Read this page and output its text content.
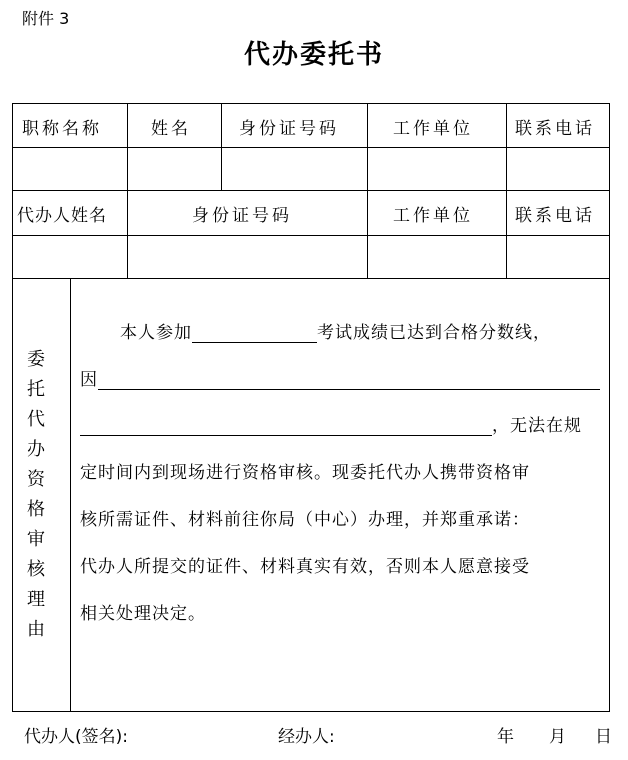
附件 3
代办委托书
职称名称	姓名	身份证号码	工作单位 联系电话
代办人姓名	身份证号码	工作单位 联系电话
委
托
代
办
资
格
审
核
理
由
本人参加	考试成绩已达到合格分数线，
因
，无法在规
定时间内到现场进行资格审核。现委托代办人携带资格审
核所需证件、材料前往你局（中心）办理，并郑重承诺：
代办人所提交的证件、材料真实有效，否则本人愿意接受
相关处理决定。
代办人(签名):	经办人:	年 月 日
